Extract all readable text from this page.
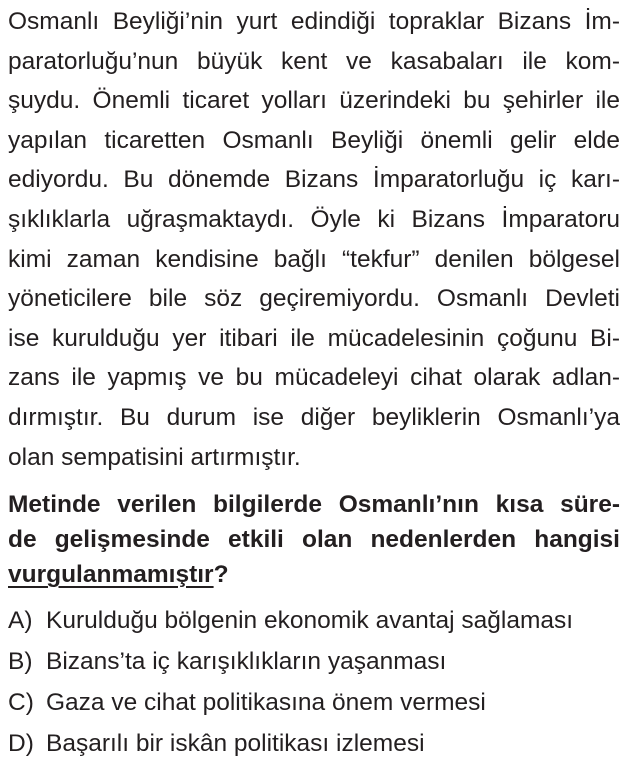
Osmanlı Beyliği’nin yurt edindiği topraklar Bizans İm-
paratorluğu’nun büyük kent ve kasabaları ile kom-
şuydu. Önemli ticaret yolları üzerindeki bu şehirler ile
yapılan ticaretten Osmanlı Beyliği önemli gelir elde
ediyordu. Bu dönemde Bizans İmparatorluğu iç karı-
şıklıklarla uğraşmaktaydı. Öyle ki Bizans İmparatoru
kimi zaman kendisine bağlı “tekfur” denilen bölgesel
yöneticilere bile söz geçiremiyordu. Osmanlı Devleti
ise kurulduğu yer itibari ile mücadelesinin çoğunu Bi-
zans ile yapmış ve bu mücadeleyi cihat olarak adlan-
dırmıştır. Bu durum ise diğer beyliklerin Osmanlı’ya
olan sempatisini artırmıştır.
Metinde verilen bilgilerde Osmanlı’nın kısa süre-
de gelişmesinde etkili olan nedenlerden hangisi
vurgulanmamıştır?
A) Kurulduğu bölgenin ekonomik avantaj sağlaması
B) Bizans’ta iç karışıklıkların yaşanması
C) Gaza ve cihat politikasına önem vermesi
D) Başarılı bir iskân politikası izlemesi
